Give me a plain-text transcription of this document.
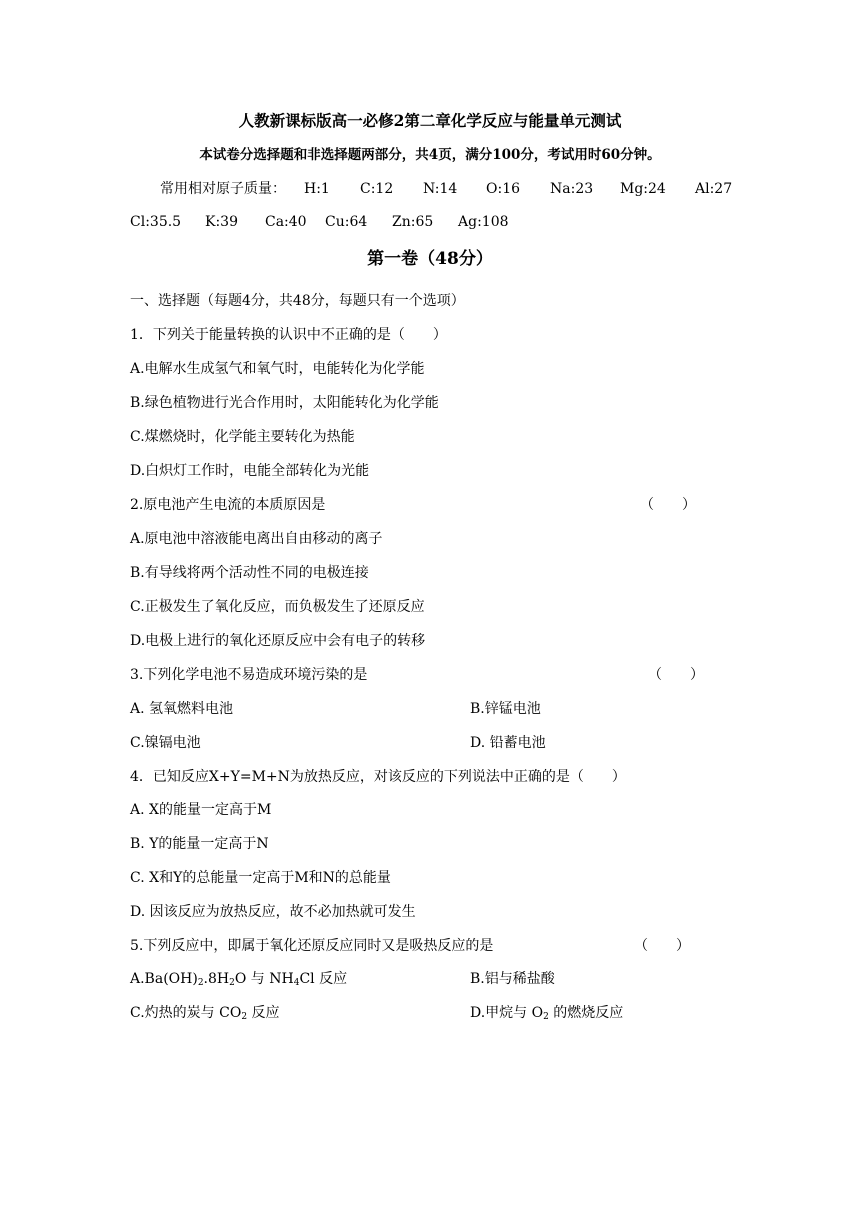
人教新课标版高一必修2第二章化学反应与能量单元测试
本试卷分选择题和非选择题两部分，共4页，满分100分，考试用时60分钟。
常用相对原子质量： H:1 C:12 N:14 O:16 Na:23 Mg:24 Al:27
Cl:35.5 K:39 Ca:40 Cu:64 Zn:65 Ag:108
第一卷（48分）
一、选择题（每题4分，共48分，每题只有一个选项）
1．下列关于能量转换的认识中不正确的是（　　）
A.电解水生成氢气和氧气时，电能转化为化学能
B.绿色植物进行光合作用时，太阳能转化为化学能
C.煤燃烧时，化学能主要转化为热能
D.白炽灯工作时，电能全部转化为光能
2.原电池产生电流的本质原因是	（　　）
A.原电池中溶液能电离出自由移动的离子
B.有导线将两个活动性不同的电极连接
C.正极发生了氧化反应，而负极发生了还原反应
D.电极上进行的氧化还原反应中会有电子的转移
3.下列化学电池不易造成环境污染的是	（　　）
A. 氢氧燃料电池	B.锌锰电池
C.镍镉电池	D. 铅蓄电池
4．已知反应X+Y=M+N为放热反应，对该反应的下列说法中正确的是（　　）
A. X的能量一定高于M
B. Y的能量一定高于N
C. X和Y的总能量一定高于M和N的总能量
D. 因该反应为放热反应，故不必加热就可发生
5.下列反应中，即属于氧化还原反应同时又是吸热反应的是	（　　）
$A.Ba(OH)_2.8H_2O$ 与 $NH_4Cl$ 反应	B.铝与稀盐酸
C.灼热的炭与 $CO_2$ 反应	D.甲烷与 $O_2$ 的燃烧反应
